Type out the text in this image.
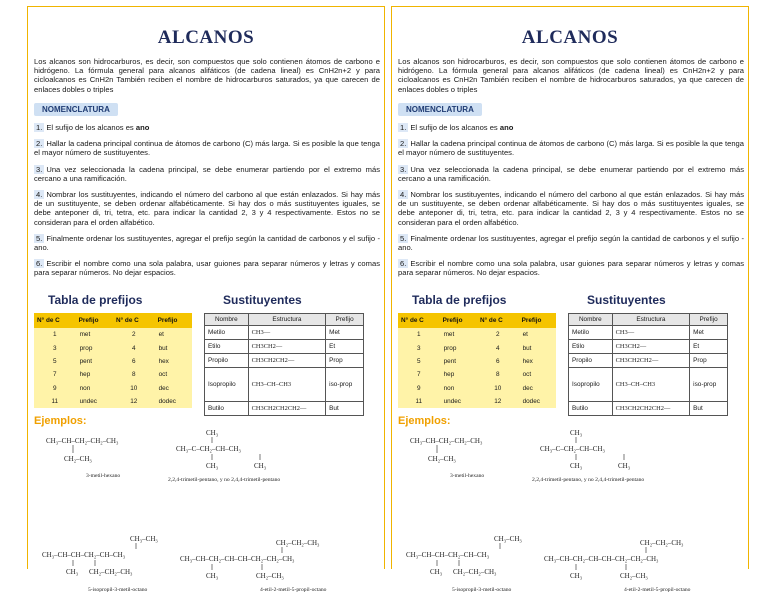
ALCANOS
Los alcanos son hidrocarburos, es decir, son compuestos que solo contienen átomos de carbono e hidrógeno. La fórmula general para alcanos alifáticos (de cadena lineal) es CnH2n+2 y para cicloalcanos es CnH2n También reciben el nombre de hidrocarburos saturados, ya que carecen de enlaces dobles o triples
NOMENCLATURA
1. El sufijo de los alcanos es ano
2. Hallar la cadena principal continua de átomos de carbono (C) más larga. Si es posible la que tenga el mayor número de sustituyentes.
3. Una vez seleccionada la cadena principal, se debe enumerar partiendo por el extremo más cercano a una ramificación.
4. Nombrar los sustituyentes, indicando el número del carbono al que están enlazados. Si hay más de un sustituyente, se deben ordenar alfabéticamente. Si hay dos o más sustituyentes iguales, se debe anteponer di, tri, tetra, etc. para indicar la cantidad 2, 3 y 4 respectivamente. Estos no se consideran para el orden alfabético.
5. Finalmente ordenar los sustituyentes, agregar el prefijo según la cantidad de carbonos y el sufijo -ano.
6. Escribir el nombre como una sola palabra, usar guiones para separar números y letras y comas para separar números. No dejar espacios.
Tabla de prefijos
N° de C	Prefijo	N° de C	Prefijo
1	met	2	et
3	prop	4	but
5	pent	6	hex
7	hep	8	oct
9	non	10	dec
11	undec	12	dodec
Sustituyentes
Nombre	Estructura	Prefijo
Metilo	CH3—	Met
Etilo	CH3CH2—	Et
Propilo	CH3CH2CH2—	Prop
Isopropilo	CH3–CH–CH3	iso-prop
Butilo	CH3CH2CH2CH2—	But
Ejemplos:
CH₃–CH–CH₂–CH₂–CH₃
CH₂–CH₃
3-metil-hexano
CH₃
CH₃–C–CH₂–CH–CH₃
CH₃	CH₃
2,2,4-trimetil-pentano, y no 2,4,4-trimetil-pentano
CH₃–CH₃
CH₃–CH–CH–CH₂–CH–CH₃
CH₃ CH₂–CH₂–CH₃
5-isopropil-3-metil-octano
CH₂–CH₂–CH₃
CH₃–CH–CH₂–CH–CH–CH₂–CH₂–CH₃
CH₃	CH₂–CH₃
4-etil-2-metil-5-propil-octano
ALCANOS
Los alcanos son hidrocarburos, es decir, son compuestos que solo contienen átomos de carbono e hidrógeno. La fórmula general para alcanos alifáticos (de cadena lineal) es CnH2n+2 y para cicloalcanos es CnH2n También reciben el nombre de hidrocarburos saturados, ya que carecen de enlaces dobles o triples
NOMENCLATURA
1. El sufijo de los alcanos es ano
2. Hallar la cadena principal continua de átomos de carbono (C) más larga. Si es posible la que tenga el mayor número de sustituyentes.
3. Una vez seleccionada la cadena principal, se debe enumerar partiendo por el extremo más cercano a una ramificación.
4. Nombrar los sustituyentes, indicando el número del carbono al que están enlazados. Si hay más de un sustituyente, se deben ordenar alfabéticamente. Si hay dos o más sustituyentes iguales, se debe anteponer di, tri, tetra, etc. para indicar la cantidad 2, 3 y 4 respectivamente. Estos no se consideran para el orden alfabético.
5. Finalmente ordenar los sustituyentes, agregar el prefijo según la cantidad de carbonos y el sufijo -ano.
6. Escribir el nombre como una sola palabra, usar guiones para separar números y letras y comas para separar números. No dejar espacios.
Tabla de prefijos
N° de C	Prefijo	N° de C	Prefijo
1	met	2	et
3	prop	4	but
5	pent	6	hex
7	hep	8	oct
9	non	10	dec
11	undec	12	dodec
Sustituyentes
Nombre	Estructura	Prefijo
Metilo	CH3—	Met
Etilo	CH3CH2—	Et
Propilo	CH3CH2CH2—	Prop
Isopropilo	CH3–CH–CH3	iso-prop
Butilo	CH3CH2CH2CH2—	But
Ejemplos:
CH₃–CH–CH₂–CH₂–CH₃
CH₂–CH₃
3-metil-hexano
CH₃
CH₃–C–CH₂–CH–CH₃
CH₃	CH₃
2,2,4-trimetil-pentano, y no 2,4,4-trimetil-pentano
CH₃–CH₃
CH₃–CH–CH–CH₂–CH–CH₃
CH₃ CH₂–CH₂–CH₃
5-isopropil-3-metil-octano
CH₂–CH₂–CH₃
CH₃–CH–CH₂–CH–CH–CH₂–CH₂–CH₃
CH₃	CH₂–CH₃
4-etil-2-metil-5-propil-octano
